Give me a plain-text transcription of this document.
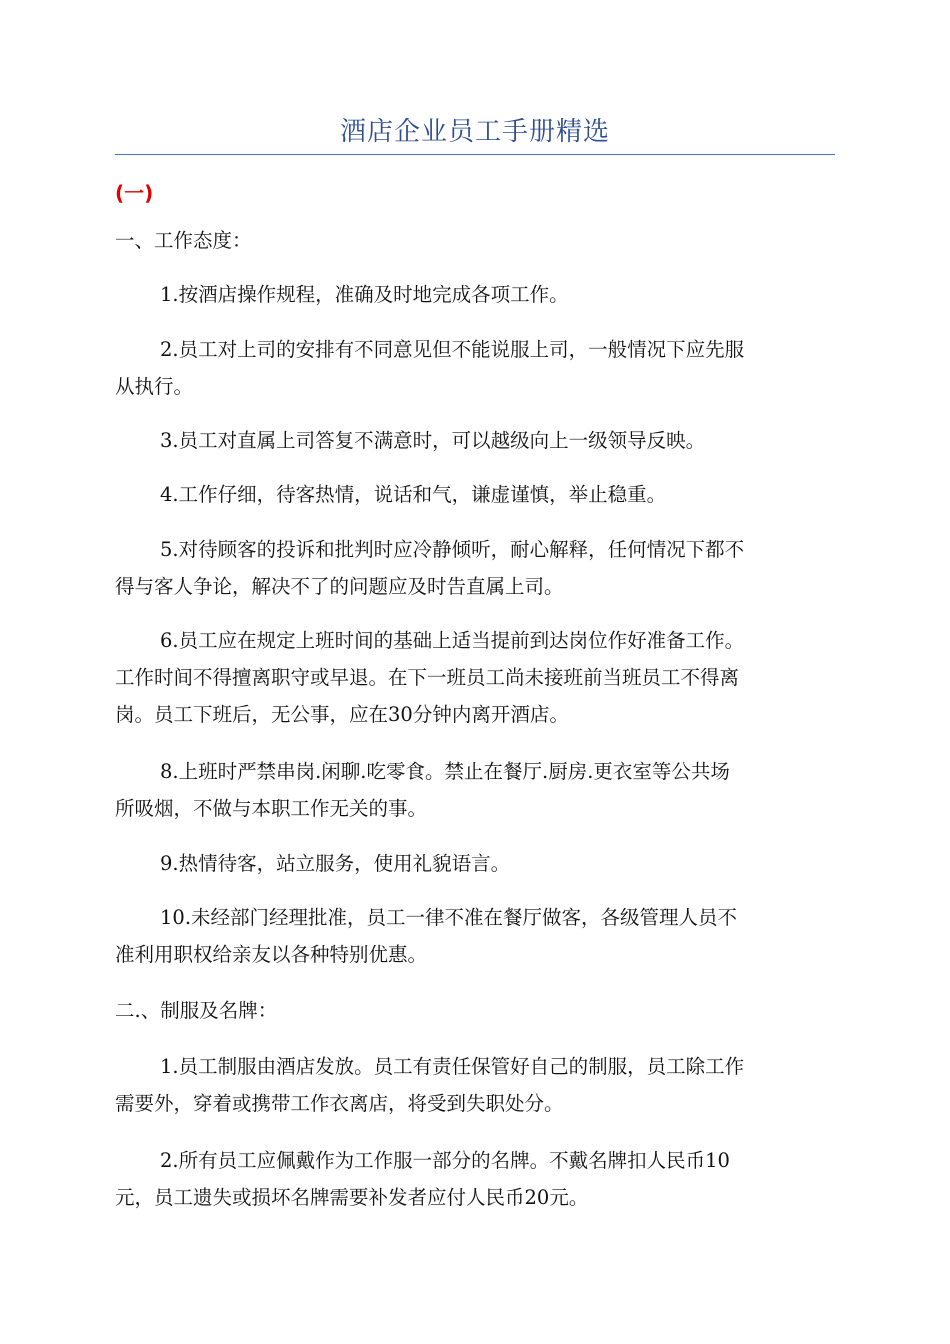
酒店企业员工手册精选
(一)
一、工作态度：
1.按酒店操作规程，准确及时地完成各项工作。
2.员工对上司的安排有不同意见但不能说服上司，一般情况下应先服
从执行。
3.员工对直属上司答复不满意时，可以越级向上一级领导反映。
4.工作仔细，待客热情，说话和气，谦虚谨慎，举止稳重。
5.对待顾客的投诉和批判时应冷静倾听，耐心解释，任何情况下都不
得与客人争论，解决不了的问题应及时告直属上司。
6.员工应在规定上班时间的基础上适当提前到达岗位作好准备工作。
工作时间不得擅离职守或早退。在下一班员工尚未接班前当班员工不得离
岗。员工下班后，无公事，应在30分钟内离开酒店。
8.上班时严禁串岗.闲聊.吃零食。禁止在餐厅.厨房.更衣室等公共场
所吸烟，不做与本职工作无关的事。
9.热情待客，站立服务，使用礼貌语言。
10.未经部门经理批准，员工一律不准在餐厅做客，各级管理人员不
准利用职权给亲友以各种特别优惠。
二.、制服及名牌：
1.员工制服由酒店发放。员工有责任保管好自己的制服，员工除工作
需要外，穿着或携带工作衣离店，将受到失职处分。
2.所有员工应佩戴作为工作服一部分的名牌。不戴名牌扣人民币10
元，员工遗失或损坏名牌需要补发者应付人民币20元。
